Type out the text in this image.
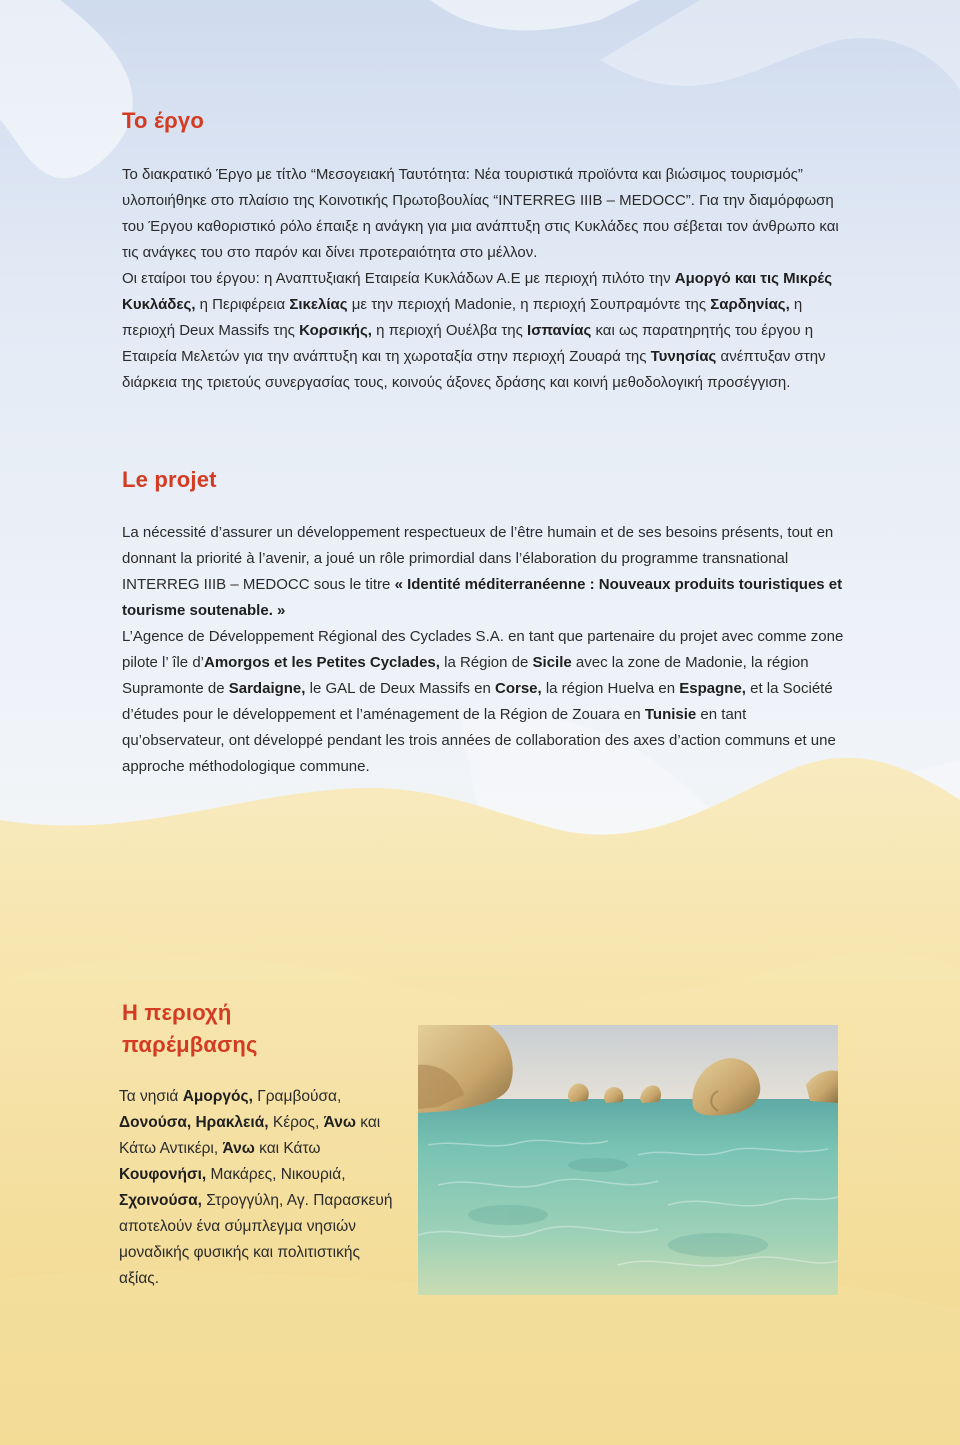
Το έργο

Το διακρατικό Έργο με τίτλο “Μεσογειακή Ταυτότητα: Νέα τουριστικά προϊόντα και βιώσιμος τουρισμός” υλοποιήθηκε στο πλαίσιο της Κοινοτικής Πρωτοβουλίας “INTERREG IIIB – MEDOCC”. Για την διαμόρφωση του Έργου καθοριστικό ρόλο έπαιξε η ανάγκη για μια ανάπτυξη στις Κυκλάδες που σέβεται τον άνθρωπο και τις ανάγκες του στο παρόν και δίνει προτεραιότητα στο μέλλον.
Οι εταίροι του έργου: η Αναπτυξιακή Εταιρεία Κυκλάδων Α.Ε με περιοχή πιλότο την Αμοργό και τις Μικρές Κυκλάδες, η Περιφέρεια Σικελίας με την περιοχή Madonie, η περιοχή Σουπραμόντε της Σαρδηνίας, η περιοχή Deux Massifs της Κορσικής, η περιοχή Ουέλβα της Ισπανίας και ως παρατηρητής του έργου η Εταιρεία Μελετών για την ανάπτυξη και τη χωροταξία στην περιοχή Ζουαρά της Τυνησίας ανέπτυξαν στην διάρκεια της τριετούς συνεργασίας τους, κοινούς άξονες δράσης και κοινή μεθοδολογική προσέγγιση.

Le projet

La nécessité d’assurer un développement respectueux de l’être humain et de ses besoins présents, tout en donnant la priorité à l’avenir, a joué un rôle primordial dans l’élaboration du programme transnational INTERREG IIIB – MEDOCC sous le titre « Identité méditerranéenne : Nouveaux produits touristiques et tourisme soutenable. »
L’Agence de Développement Régional des Cyclades S.A. en tant que partenaire du projet avec comme zone pilote l’ île d’Amorgos et les Petites Cyclades, la Région de Sicile avec la zone de Madonie, la région Supramonte de Sardaigne, le GAL de Deux Massifs en Corse, la région Huelva en Espagne, et la Société d’études pour le développement et l’aménagement de la Région de Zouara en Tunisie en tant qu’observateur, ont développé pendant les trois années de collaboration des axes d’action communs et une approche méthodologique commune.

Η περιοχή
παρέμβασης

Τα νησιά Αμοργός, Γραμβούσα, Δονούσα, Ηρακλειά, Κέρος, Άνω και Κάτω Αντικέρι, Άνω και Κάτω Κουφονήσι, Μακάρες, Νικουριά, Σχοινούσα, Στρογγύλη, Αγ. Παρασκευή αποτελούν ένα σύμπλεγμα νησιών μοναδικής φυσικής και πολιτιστικής αξίας.
